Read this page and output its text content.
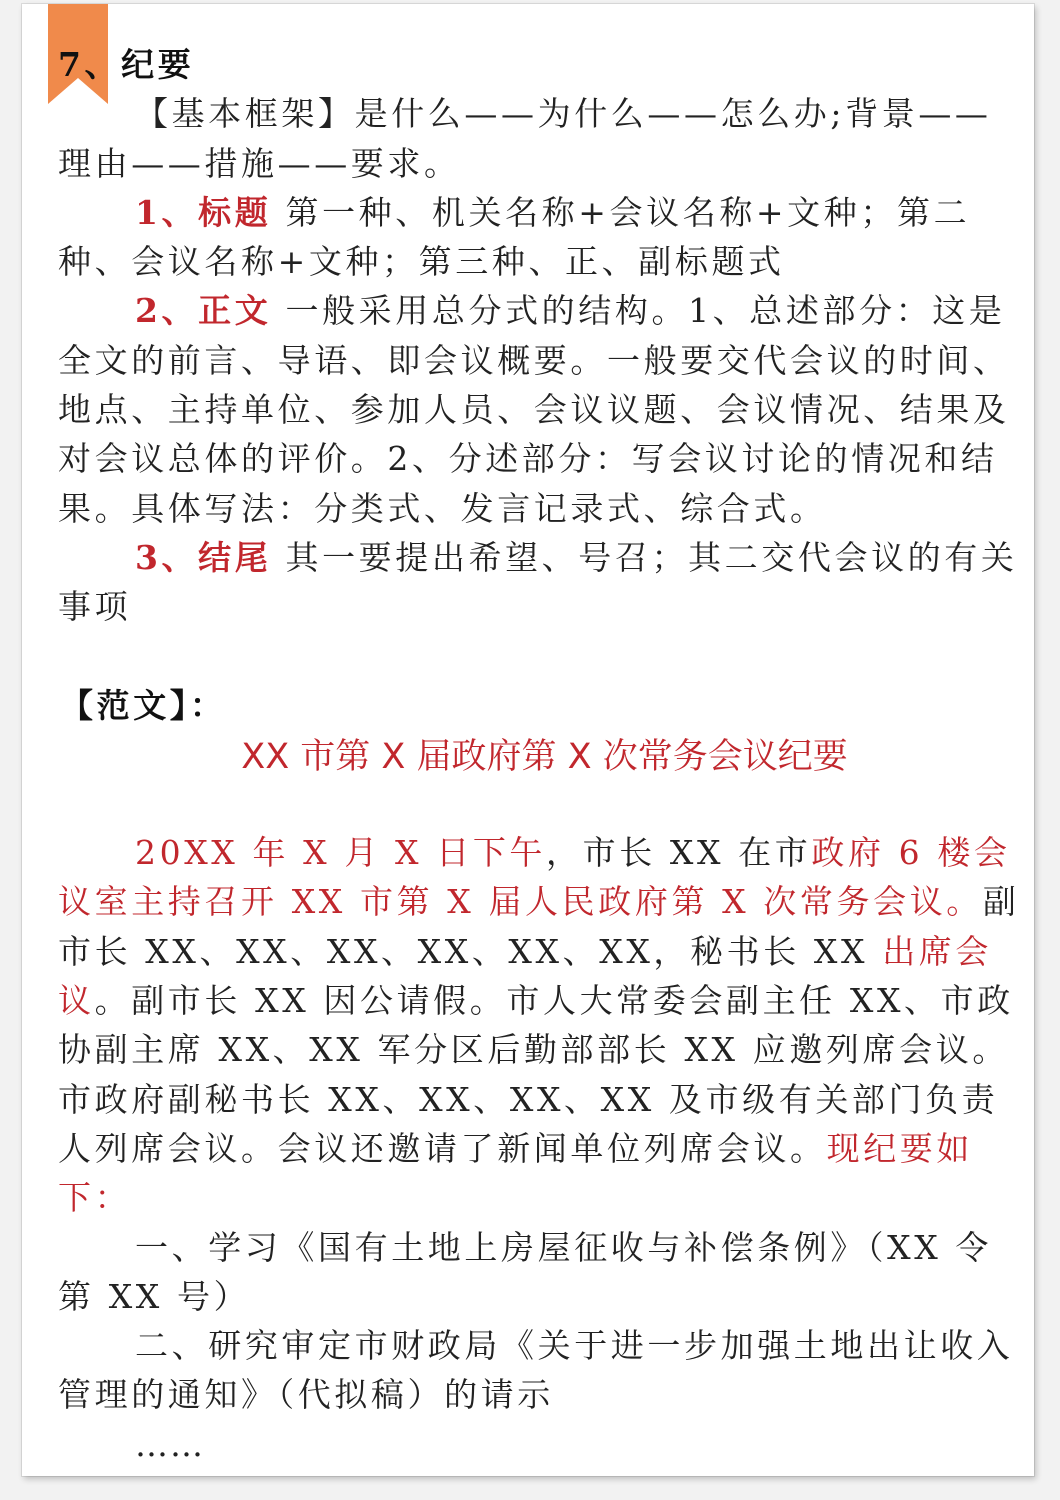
7、纪要

【基本框架】是什么——为什么——怎么办;背景——理由——措施——要求。

1、标题 第一种、机关名称+会议名称+文种；第二种、会议名称+文种；第三种、正、副标题式

2、正文 一般采用总分式的结构。1、总述部分：这是全文的前言、导语、即会议概要。一般要交代会议的时间、地点、主持单位、参加人员、会议议题、会议情况、结果及对会议总体的评价。2、分述部分：写会议讨论的情况和结果。具体写法：分类式、发言记录式、综合式。

3、结尾 其一要提出希望、号召；其二交代会议的有关事项

【范文】：

XX 市第 X 届政府第 X 次常务会议纪要

20XX 年 X 月 X 日下午，市长 XX 在市政府 6 楼会议室主持召开 XX 市第 X 届人民政府第 X 次常务会议。副市长 XX、XX、XX、XX、XX、XX，秘书长 XX 出席会议。副市长 XX 因公请假。市人大常委会副主任 XX、市政协副主席 XX、XX 军分区后勤部部长 XX 应邀列席会议。市政府副秘书长 XX、XX、XX、XX 及市级有关部门负责人列席会议。会议还邀请了新闻单位列席会议。现纪要如下：

一、学习《国有土地上房屋征收与补偿条例》（XX 令第 XX 号）

二、研究审定市财政局《关于进一步加强土地出让收入管理的通知》（代拟稿）的请示

……
